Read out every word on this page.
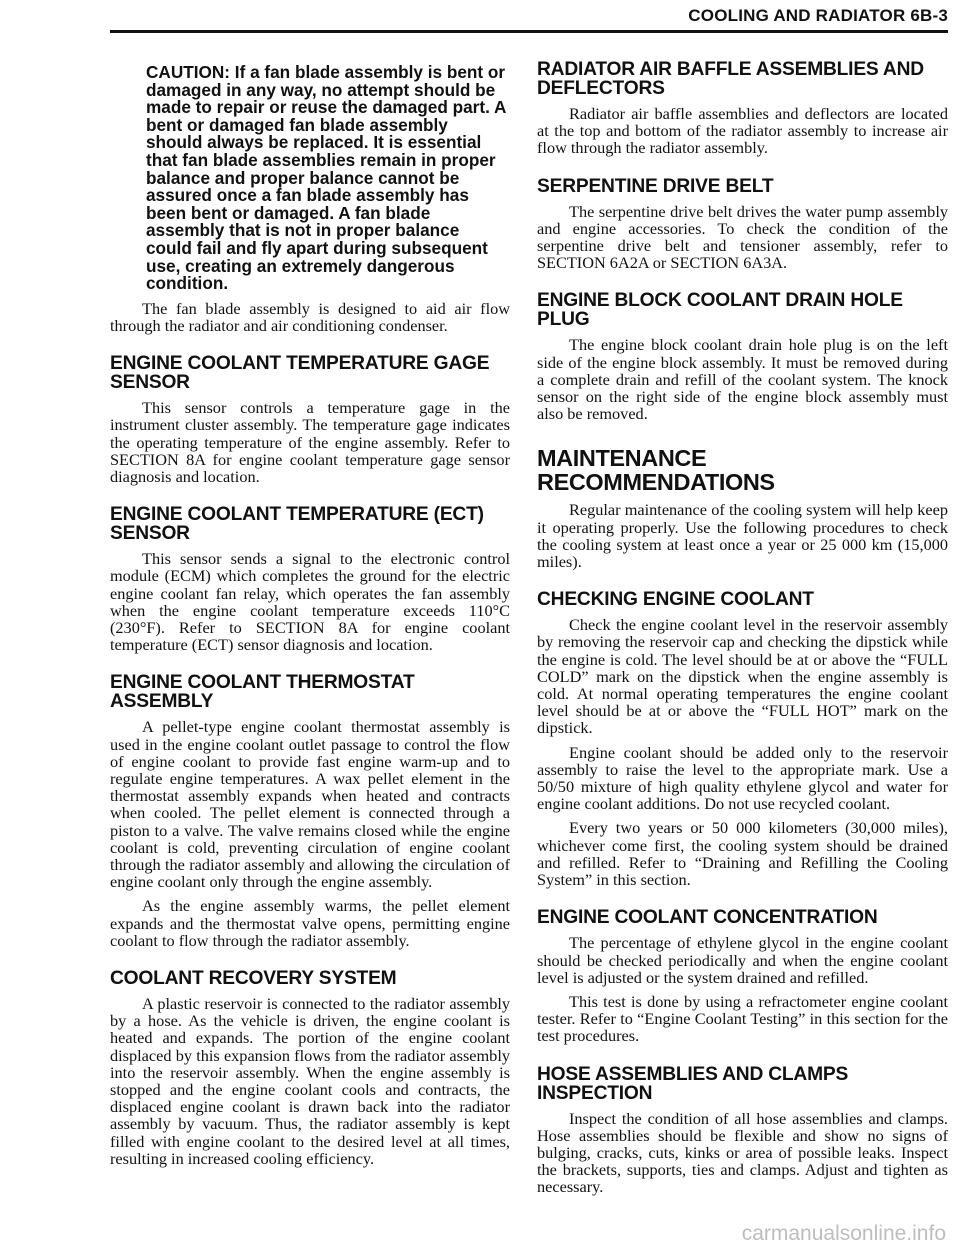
COOLING AND RADIATOR 6B-3
CAUTION: If a fan blade assembly is bent or damaged in any way, no attempt should be made to repair or reuse the damaged part. A bent or damaged fan blade assembly should always be replaced. It is essential that fan blade assemblies remain in proper balance and proper balance cannot be assured once a fan blade assembly has been bent or damaged. A fan blade assembly that is not in proper balance could fail and fly apart during subsequent use, creating an extremely dangerous condition.

The fan blade assembly is designed to aid air flow through the radiator and air conditioning condenser.

ENGINE COOLANT TEMPERATURE GAGE SENSOR

This sensor controls a temperature gage in the instrument cluster assembly. The temperature gage indicates the operating temperature of the engine assembly. Refer to SECTION 8A for engine coolant temperature gage sensor diagnosis and location.

ENGINE COOLANT TEMPERATURE (ECT) SENSOR

This sensor sends a signal to the electronic control module (ECM) which completes the ground for the electric engine coolant fan relay, which operates the fan assembly when the engine coolant temperature exceeds 110°C (230°F). Refer to SECTION 8A for engine coolant temperature (ECT) sensor diagnosis and location.

ENGINE COOLANT THERMOSTAT ASSEMBLY

A pellet-type engine coolant thermostat assembly is used in the engine coolant outlet passage to control the flow of engine coolant to provide fast engine warm-up and to regulate engine temperatures. A wax pellet element in the thermostat assembly expands when heated and contracts when cooled. The pellet element is connected through a piston to a valve. The valve remains closed while the engine coolant is cold, preventing circulation of engine coolant through the radiator assembly and allowing the circulation of engine coolant only through the engine assembly.

As the engine assembly warms, the pellet element expands and the thermostat valve opens, permitting engine coolant to flow through the radiator assembly.

COOLANT RECOVERY SYSTEM

A plastic reservoir is connected to the radiator assembly by a hose. As the vehicle is driven, the engine coolant is heated and expands. The portion of the engine coolant displaced by this expansion flows from the radiator assembly into the reservoir assembly. When the engine assembly is stopped and the engine coolant cools and contracts, the displaced engine coolant is drawn back into the radiator assembly by vacuum. Thus, the radiator assembly is kept filled with engine coolant to the desired level at all times, resulting in increased cooling efficiency.

RADIATOR AIR BAFFLE ASSEMBLIES AND DEFLECTORS

Radiator air baffle assemblies and deflectors are located at the top and bottom of the radiator assembly to increase air flow through the radiator assembly.

SERPENTINE DRIVE BELT

The serpentine drive belt drives the water pump assembly and engine accessories. To check the condition of the serpentine drive belt and tensioner assembly, refer to SECTION 6A2A or SECTION 6A3A.

ENGINE BLOCK COOLANT DRAIN HOLE PLUG

The engine block coolant drain hole plug is on the left side of the engine block assembly. It must be removed during a complete drain and refill of the coolant system. The knock sensor on the right side of the engine block assembly must also be removed.

MAINTENANCE RECOMMENDATIONS

Regular maintenance of the cooling system will help keep it operating properly. Use the following procedures to check the cooling system at least once a year or 25 000 km (15,000 miles).

CHECKING ENGINE COOLANT

Check the engine coolant level in the reservoir assembly by removing the reservoir cap and checking the dipstick while the engine is cold. The level should be at or above the “FULL COLD” mark on the dipstick when the engine assembly is cold. At normal operating temperatures the engine coolant level should be at or above the “FULL HOT” mark on the dipstick.

Engine coolant should be added only to the reservoir assembly to raise the level to the appropriate mark. Use a 50/50 mixture of high quality ethylene glycol and water for engine coolant additions. Do not use recycled coolant.

Every two years or 50 000 kilometers (30,000 miles), whichever come first, the cooling system should be drained and refilled. Refer to “Draining and Refilling the Cooling System” in this section.

ENGINE COOLANT CONCENTRATION

The percentage of ethylene glycol in the engine coolant should be checked periodically and when the engine coolant level is adjusted or the system drained and refilled.

This test is done by using a refractometer engine coolant tester. Refer to “Engine Coolant Testing” in this section for the test procedures.

HOSE ASSEMBLIES AND CLAMPS INSPECTION

Inspect the condition of all hose assemblies and clamps. Hose assemblies should be flexible and show no signs of bulging, cracks, cuts, kinks or area of possible leaks. Inspect the brackets, supports, ties and clamps. Adjust and tighten as necessary.

carmanualsonline.info
